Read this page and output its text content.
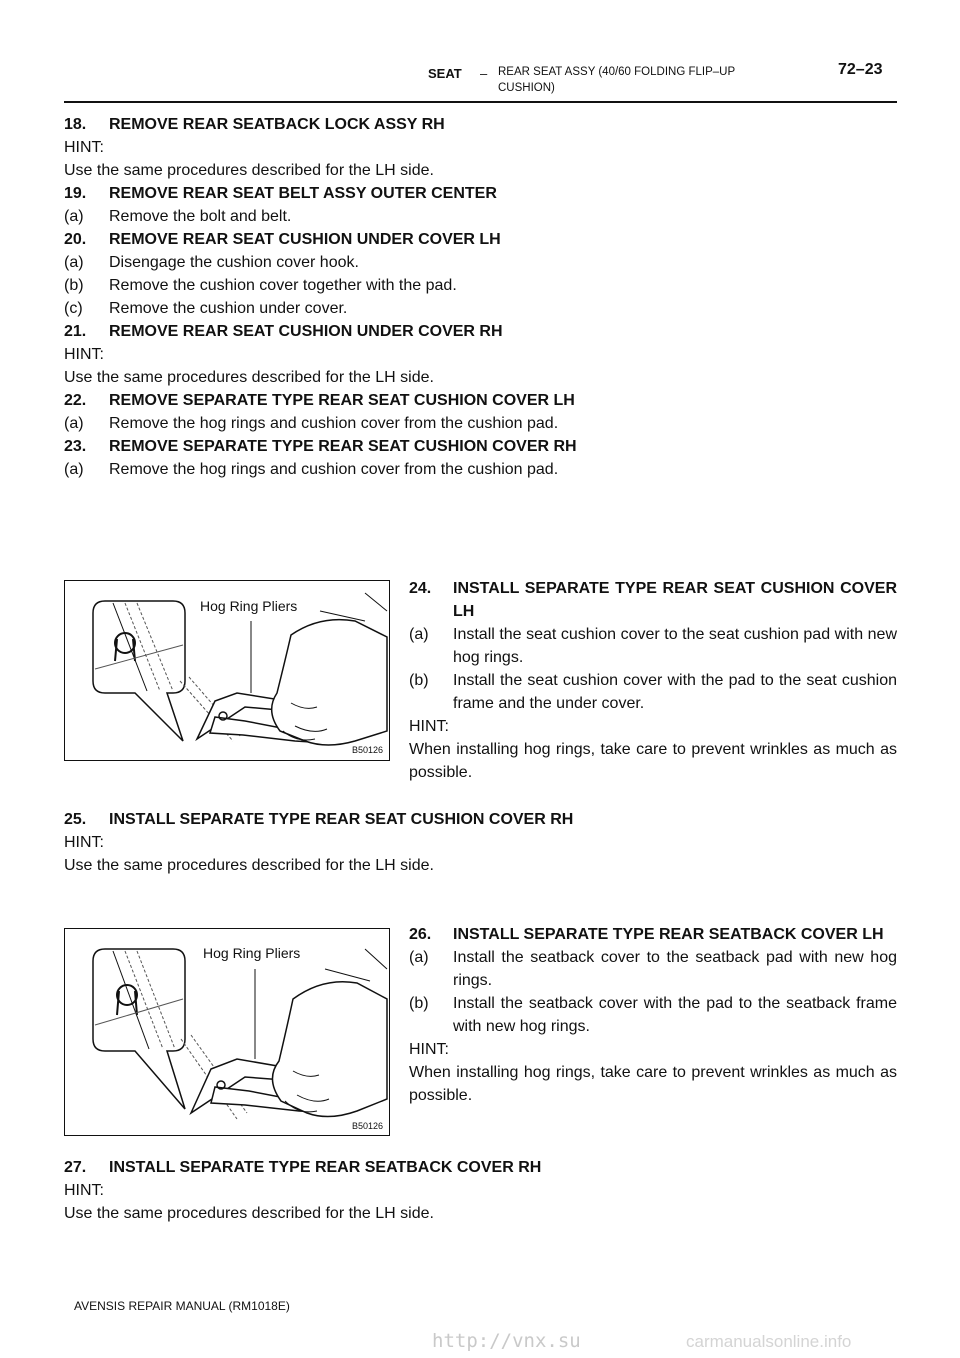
SEAT – REAR SEAT ASSY (40/60 FOLDING FLIP–UP
CUSHION)
72–23
18. REMOVE REAR SEATBACK LOCK ASSY RH
HINT:
Use the same procedures described for the LH side.
19. REMOVE REAR SEAT BELT ASSY OUTER CENTER
(a) Remove the bolt and belt.
20. REMOVE REAR SEAT CUSHION UNDER COVER LH
(a) Disengage the cushion cover hook.
(b) Remove the cushion cover together with the pad.
(c) Remove the cushion under cover.
21. REMOVE REAR SEAT CUSHION UNDER COVER RH
HINT:
Use the same procedures described for the LH side.
22. REMOVE SEPARATE TYPE REAR SEAT CUSHION COVER LH
(a) Remove the hog rings and cushion cover from the cushion pad.
23. REMOVE SEPARATE TYPE REAR SEAT CUSHION COVER RH
(a) Remove the hog rings and cushion cover from the cushion pad.
Hog Ring Pliers
B50126
24. INSTALL SEPARATE TYPE REAR SEAT CUSHION COVER LH
(a) Install the seat cushion cover to the seat cushion pad with new hog rings.
(b) Install the seat cushion cover with the pad to the seat cushion frame and the under cover.
HINT:
When installing hog rings, take care to prevent wrinkles as much as possible.
25. INSTALL SEPARATE TYPE REAR SEAT CUSHION COVER RH
HINT:
Use the same procedures described for the LH side.
Hog Ring Pliers
B50126
26. INSTALL SEPARATE TYPE REAR SEATBACK COVER LH
(a) Install the seatback cover to the seatback pad with new hog rings.
(b) Install the seatback cover with the pad to the seatback frame with new hog rings.
HINT:
When installing hog rings, take care to prevent wrinkles as much as possible.
27. INSTALL SEPARATE TYPE REAR SEATBACK COVER RH
HINT:
Use the same procedures described for the LH side.
AVENSIS REPAIR MANUAL (RM1018E)
http://vnx.su	carmanualsonline.info
